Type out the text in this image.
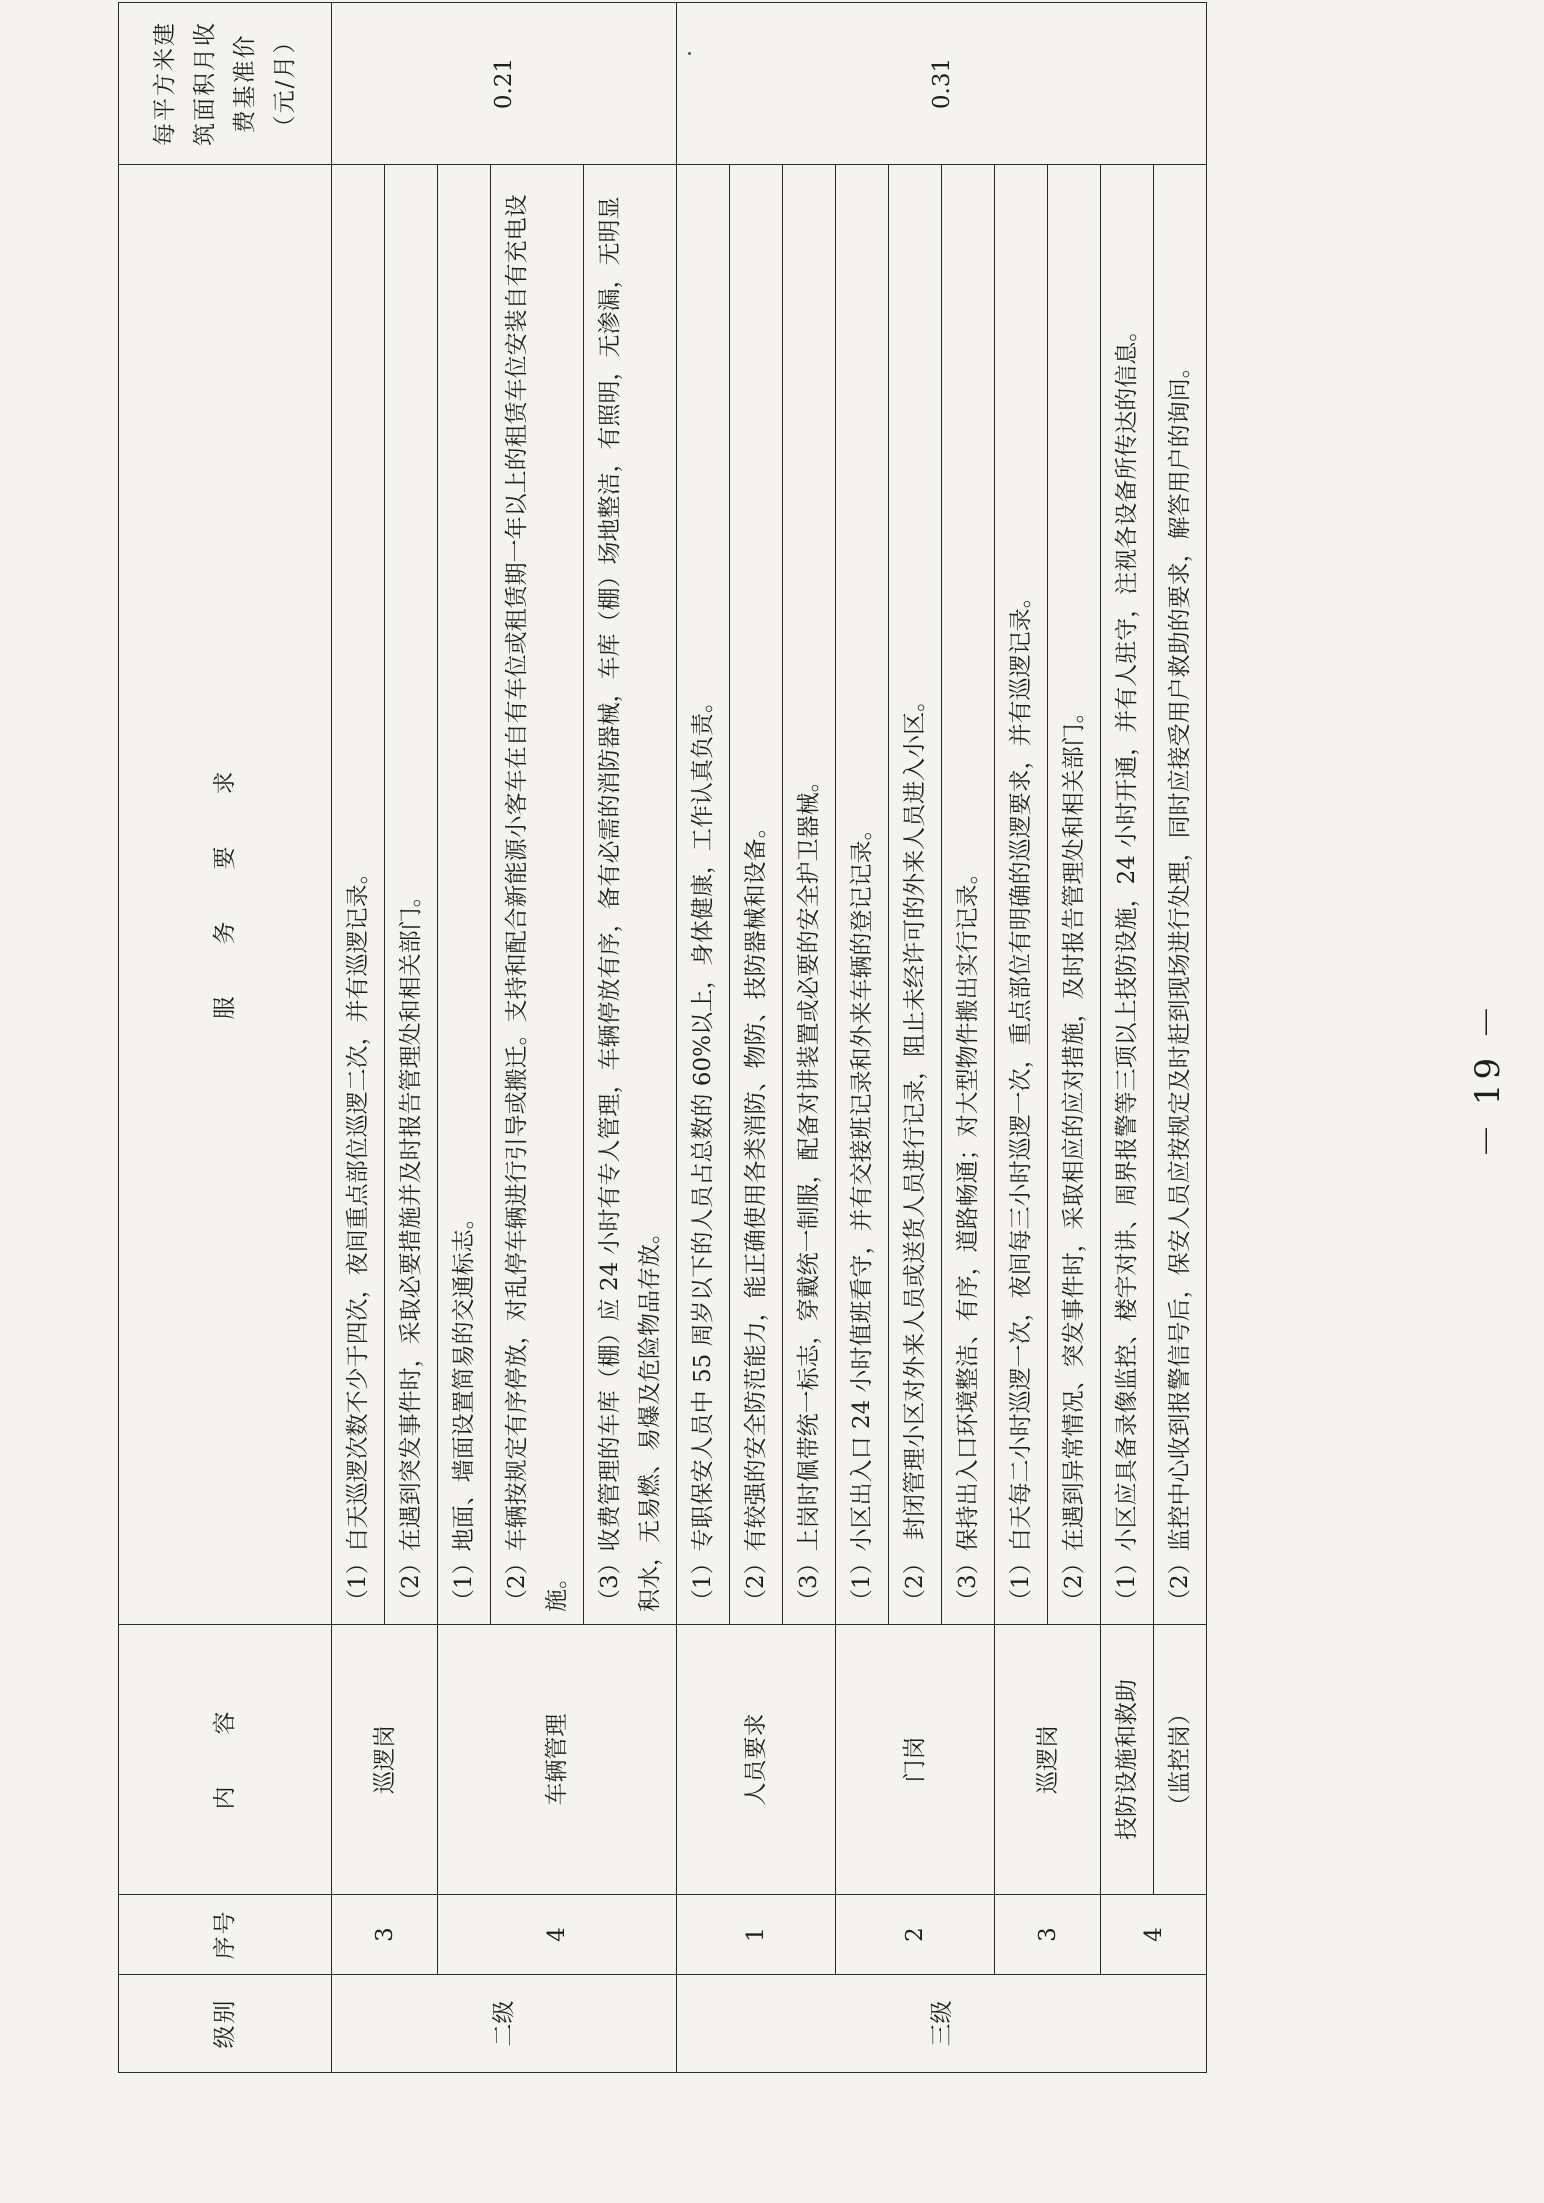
级别	序号	内　　容	服　　务　　要　　求	每平方米建筑面积月收费基准价（元/月）
二级	3	巡逻岗	（1）白天巡逻次数不少于四次，夜间重点部位巡逻二次，并有巡逻记录。	0.21
			（2）在遇到突发事件时，采取必要措施并及时报告管理处和相关部门。	
	4	车辆管理	（1）地面、墙面设置简易的交通标志。	
			（2）车辆按规定有序停放，对乱停车辆进行引导或搬迁。支持和配合新能源小客车在自有车位或租赁期一年以上的租赁车位安装自有充电设施。	
			（3）收费管理的车库（棚）应 24 小时有专人管理，车辆停放有序，备有必需的消防器械，车库（棚）场地整洁，有照明，无渗漏，无明显积水，无易燃、易爆及危险物品存放。	
三级	1	人员要求	（1）专职保安人员中 55 周岁以下的人员占总数的 60%以上，身体健康，工作认真负责。	0.31
			（2）有较强的安全防范能力，能正确使用各类消防、物防、技防器械和设备。	
			（3）上岗时佩带统一标志，穿戴统一制服，配备对讲装置或必要的安全护卫器械。	
	2	门岗	（1）小区出入口 24 小时值班看守，并有交接班记录和外来车辆的登记记录。	
			（2）　封闭管理小区对外来人员或送货人员进行记录，阻止未经许可的外来人员进入小区。	
			（3）保持出入口环境整洁、有序，道路畅通；对大型物件搬出实行记录。	
	3	巡逻岗	（1）白天每二小时巡逻一次，夜间每三小时巡逻一次，重点部位有明确的巡逻要求，并有巡逻记录。	
			（2）在遇到异常情况、突发事件时，采取相应的应对措施，及时报告管理处和相关部门。	
	4	技防设施和救助	（1）小区应具备录像监控、楼宇对讲、周界报警等三项以上技防设施，24 小时开通，并有人驻守，注视各设备所传达的信息。	
		（监控岗）	（2）监控中心收到报警信号后，保安人员应按规定及时赶到现场进行处理，同时应接受用户救助的要求，解答用户的询问。		－ 19 －
